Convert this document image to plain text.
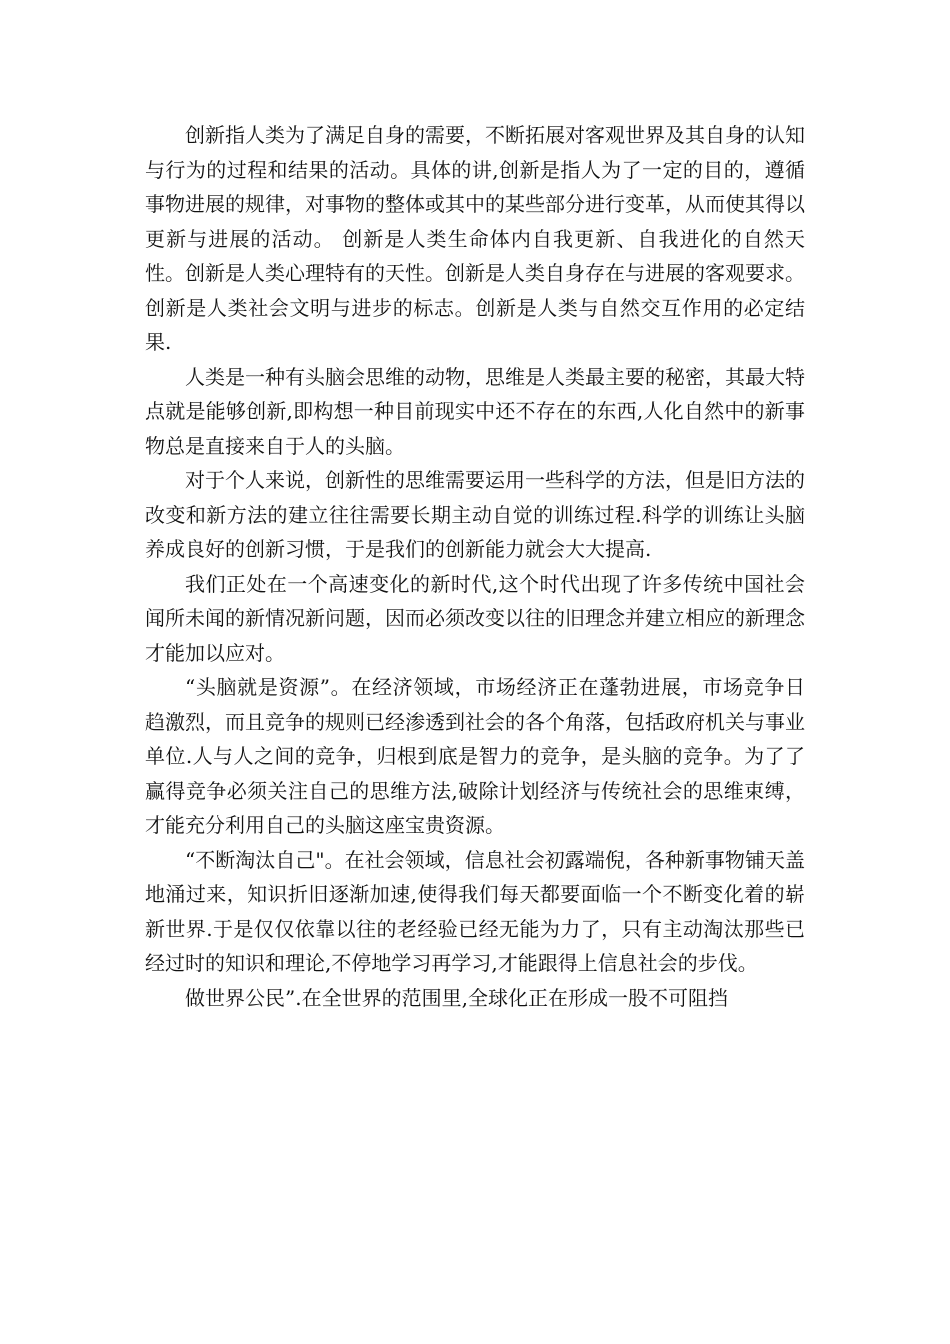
创新指人类为了满足自身的需要，不断拓展对客观世界及其自身的认知与行为的过程和结果的活动。具体的讲,创新是指人为了一定的目的，遵循事物进展的规律，对事物的整体或其中的某些部分进行变革，从而使其得以更新与进展的活动。 创新是人类生命体内自我更新、自我进化的自然天性。创新是人类心理特有的天性。创新是人类自身存在与进展的客观要求。创新是人类社会文明与进步的标志。创新是人类与自然交互作用的必定结果.

人类是一种有头脑会思维的动物，思维是人类最主要的秘密，其最大特点就是能够创新,即构想一种目前现实中还不存在的东西,人化自然中的新事物总是直接来自于人的头脑。

对于个人来说，创新性的思维需要运用一些科学的方法，但是旧方法的改变和新方法的建立往往需要长期主动自觉的训练过程.科学的训练让头脑养成良好的创新习惯，于是我们的创新能力就会大大提高.

我们正处在一个高速变化的新时代,这个时代出现了许多传统中国社会闻所未闻的新情况新问题，因而必须改变以往的旧理念并建立相应的新理念才能加以应对。

“头脑就是资源”。在经济领域，市场经济正在蓬勃进展，市场竞争日趋激烈，而且竞争的规则已经渗透到社会的各个角落，包括政府机关与事业单位.人与人之间的竞争，归根到底是智力的竞争，是头脑的竞争。为了了赢得竞争必须关注自己的思维方法,破除计划经济与传统社会的思维束缚，才能充分利用自己的头脑这座宝贵资源。

“不断淘汰自己"。在社会领域，信息社会初露端倪，各种新事物铺天盖地涌过来，知识折旧逐渐加速,使得我们每天都要面临一个不断变化着的崭新世界.于是仅仅依靠以往的老经验已经无能为力了，只有主动淘汰那些已经过时的知识和理论,不停地学习再学习,才能跟得上信息社会的步伐。

做世界公民”.在全世界的范围里,全球化正在形成一股不可阻挡
